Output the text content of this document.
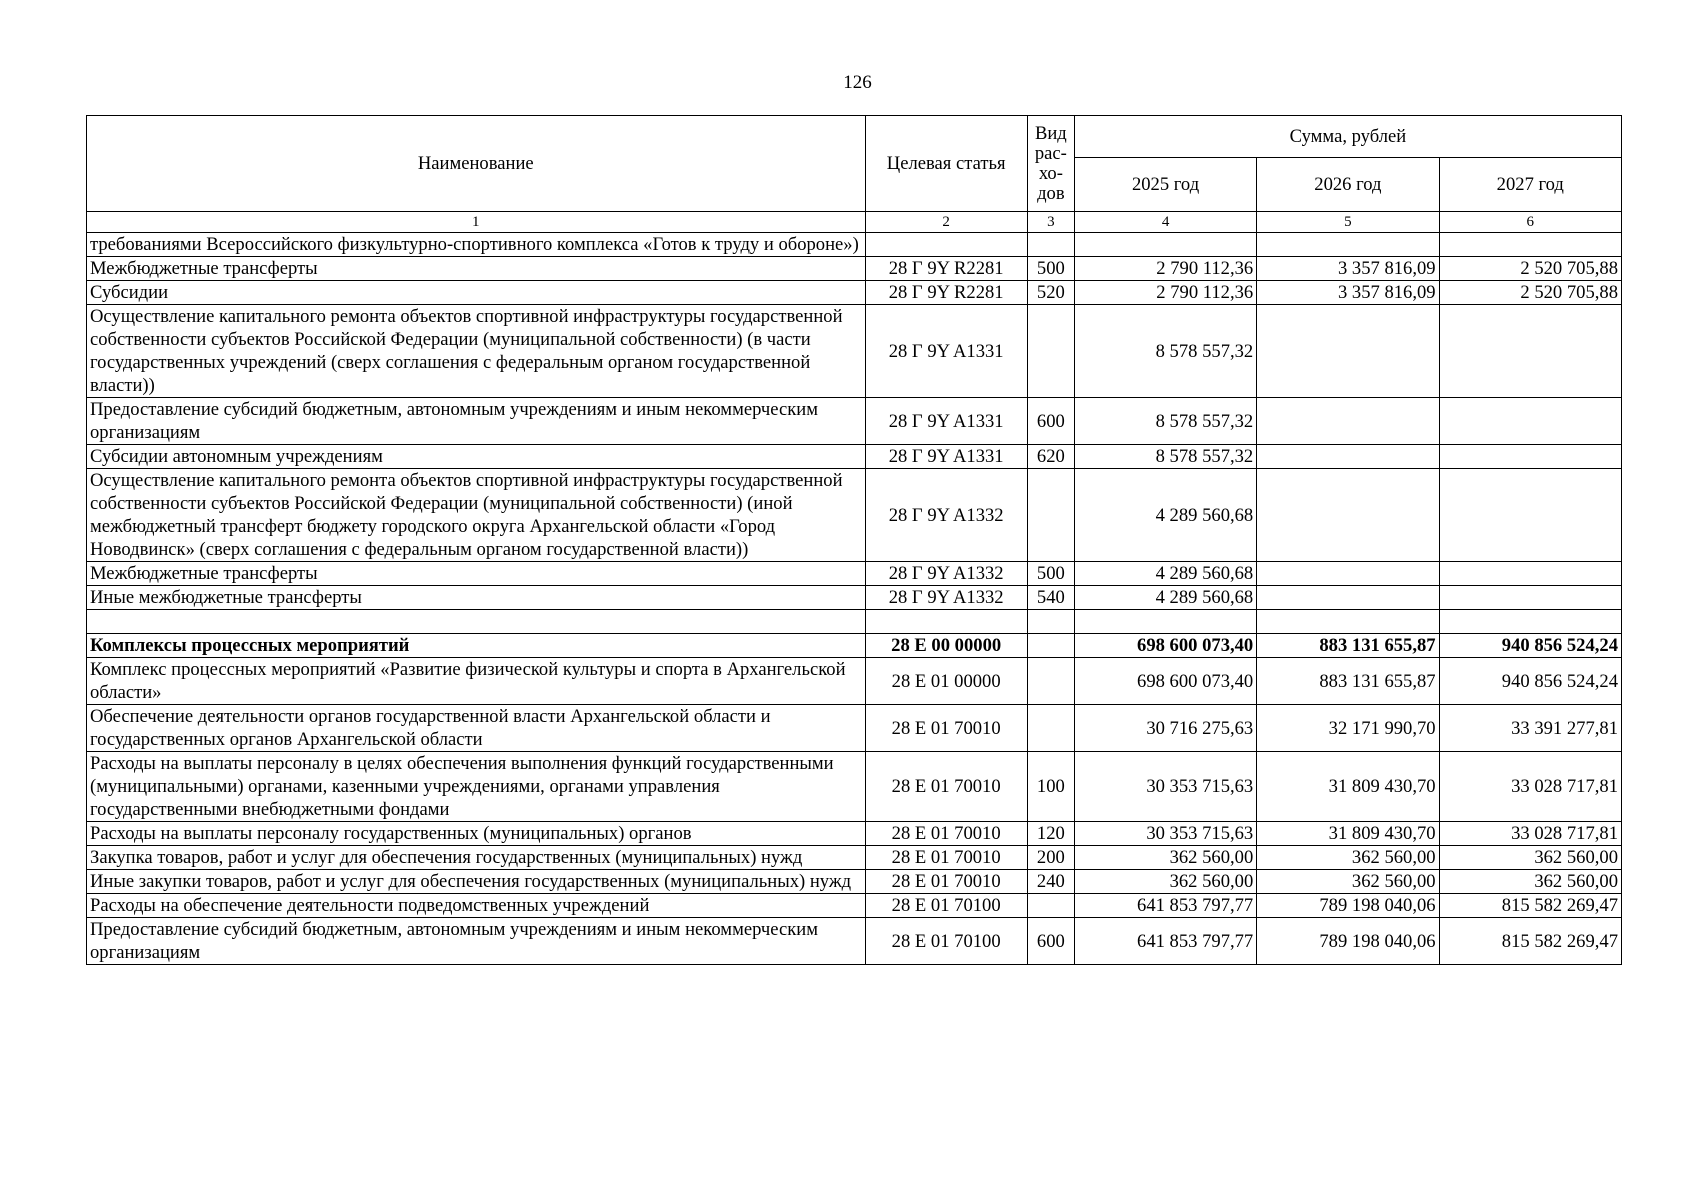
126
Наименование	Целевая статья	Вид
рас-
хо-
дов	Сумма, рублей		
			2025 год	2026 год	2027 год
1	2	3	4	5	6
требованиями Всероссийского физкультурно-спортивного комплекса «Готов к труду и обороне»)					
Межбюджетные трансферты	28 Г 9Y R2281	500	2 790 112,36	3 357 816,09	2 520 705,88
Субсидии	28 Г 9Y R2281	520	2 790 112,36	3 357 816,09	2 520 705,88
Осуществление капитального ремонта объектов спортивной инфраструктуры государственной собственности субъектов Российской Федерации (муниципальной собственности) (в части государственных учреждений (сверх соглашения с федеральным органом государственной власти))	28 Г 9Y A1331		8 578 557,32		
Предоставление субсидий бюджетным, автономным учреждениям и иным некоммерческим организациям	28 Г 9Y A1331	600	8 578 557,32		
Субсидии автономным учреждениям	28 Г 9Y A1331	620	8 578 557,32		
Осуществление капитального ремонта объектов спортивной инфраструктуры государственной собственности субъектов Российской Федерации (муниципальной собственности) (иной межбюджетный трансферт бюджету городского округа Архангельской области «Город Новодвинск» (сверх соглашения с федеральным органом государственной власти))	28 Г 9Y A1332		4 289 560,68		
Межбюджетные трансферты	28 Г 9Y A1332	500	4 289 560,68		
Иные межбюджетные трансферты	28 Г 9Y A1332	540	4 289 560,68		

Комплексы процессных мероприятий	28 Е 00 00000		698 600 073,40	883 131 655,87	940 856 524,24
Комплекс процессных мероприятий «Развитие физической культуры и спорта в Архангельской области»	28 Е 01 00000		698 600 073,40	883 131 655,87	940 856 524,24
Обеспечение деятельности органов государственной власти Архангельской области и государственных органов Архангельской области	28 Е 01 70010		30 716 275,63	32 171 990,70	33 391 277,81
Расходы на выплаты персоналу в целях обеспечения выполнения функций государственными (муниципальными) органами, казенными учреждениями, органами управления государственными внебюджетными фондами	28 Е 01 70010	100	30 353 715,63	31 809 430,70	33 028 717,81
Расходы на выплаты персоналу государственных (муниципальных) органов	28 Е 01 70010	120	30 353 715,63	31 809 430,70	33 028 717,81
Закупка товаров, работ и услуг для обеспечения государственных (муниципальных) нужд	28 Е 01 70010	200	362 560,00	362 560,00	362 560,00
Иные закупки товаров, работ и услуг для обеспечения государственных (муниципальных) нужд	28 Е 01 70010	240	362 560,00	362 560,00	362 560,00
Расходы на обеспечение деятельности подведомственных учреждений	28 Е 01 70100		641 853 797,77	789 198 040,06	815 582 269,47
Предоставление субсидий бюджетным, автономным учреждениям и иным некоммерческим организациям	28 Е 01 70100	600	641 853 797,77	789 198 040,06	815 582 269,47
